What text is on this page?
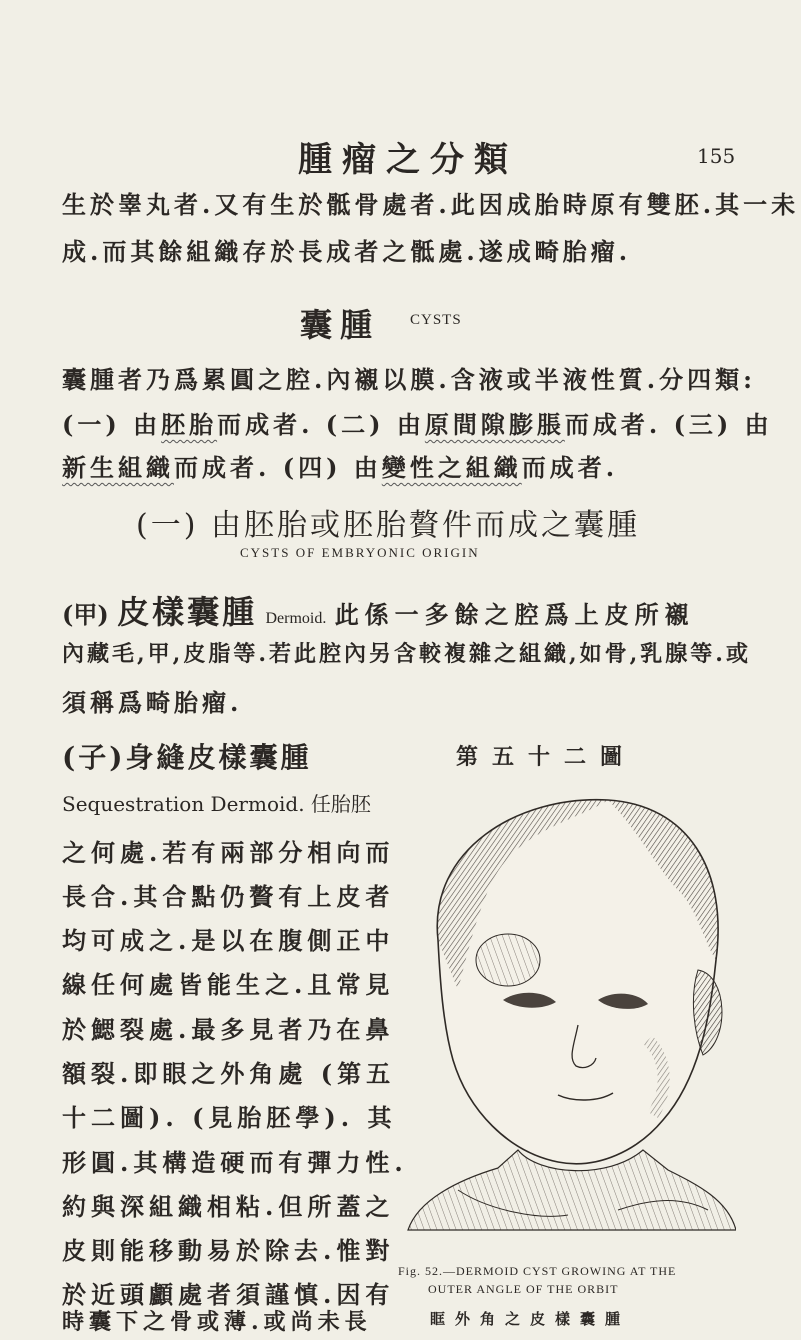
腫瘤之分類	155
生於睾丸者.又有生於骶骨處者.此因成胎時原有雙胚.其一未
成.而其餘組織存於長成者之骶處.遂成畸胎瘤.
囊腫 CYSTS
囊腫者乃爲累圓之腔.內襯以膜.含液或半液性質.分四類:
(一) 由胚胎而成者. (二) 由原間隙膨脹而成者. (三) 由
新生組織而成者. (四) 由變性之組織而成者.
(一) 由胚胎或胚胎贅件而成之囊腫
CYSTS OF EMBRYONIC ORIGIN
(甲) 皮樣囊腫 Dermoid. 此係一多餘之腔爲上皮所襯
內藏毛,甲,皮脂等.若此腔內另含較複雜之組織,如骨,乳腺等.或
須稱爲畸胎瘤.
(子)身縫皮樣囊腫
Sequestration Dermoid. 任胎胚
之何處.若有兩部分相向而
長合.其合點仍贅有上皮者
均可成之.是以在腹側正中
線任何處皆能生之.且常見
於鰓裂處.最多見者乃在鼻
額裂.即眼之外角處 (第五
十二圖). (見胎胚學). 其
形圓.其構造硬而有彈力性.
約與深組織相粘.但所蓋之
皮則能移動易於除去.惟對
於近頭顱處者須謹慎.因有
時囊下之骨或薄.或尚未長
第五十二圖
Fig. 52.—DERMOID CYST GROWING AT THE
OUTER ANGLE OF THE ORBIT
眶外角之皮樣囊腫
